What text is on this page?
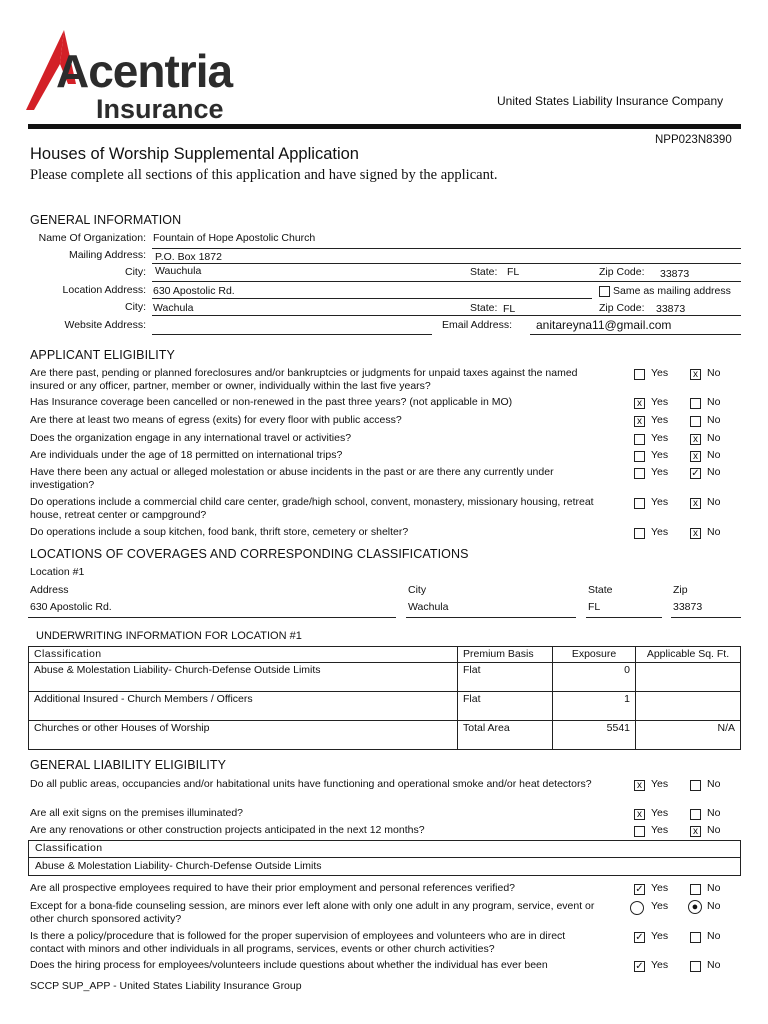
Acentria
Insurance	United States Liability Insurance Company
NPP023N8390
Houses of Worship Supplemental Application
Please complete all sections of this application and have signed by the applicant.
GENERAL INFORMATION
Name Of Organization: Fountain of Hope Apostolic Church
Mailing Address: P.O. Box 1872
City: Wauchula	State: FL	Zip Code: 33873
Location Address: 630 Apostolic Rd.	Same as mailing address
City: Wachula	State: FL	Zip Code: 33873
Website Address:	Email Address: anitareyna11@gmail.com
APPLICANT ELIGIBILITY
Are there past, pending or planned foreclosures and/or bankruptcies or judgments for unpaid taxes against the named insured or any officer, partner, member or owner, individually within the last five years?
Yes	x No
Has Insurance coverage been cancelled or non-renewed in the past three years? (not applicable in MO)	x Yes	No
Are there at least two means of egress (exits) for every floor with public access?	x Yes	No
Does the organization engage in any international travel or activities?	Yes	x No
Are individuals under the age of 18 permitted on international trips?	Yes	x No
Have there been any actual or alleged molestation or abuse incidents in the past or are there any currently under investigation?
Yes ✓ No
Do operations include a commercial child care center, grade/high school, convent, monastery, missionary housing, retreat house, retreat center or campground?
Yes	x No
Do operations include a soup kitchen, food bank, thrift store, cemetery or shelter?	Yes	x No
LOCATIONS OF COVERAGES AND CORRESPONDING CLASSIFICATIONS
Location #1
Address	City	State	Zip
630 Apostolic Rd.	Wachula	FL	33873
UNDERWRITING INFORMATION FOR LOCATION #1
Classification	Premium Basis	Exposure	Applicable Sq. Ft.
Abuse & Molestation Liability- Church-Defense Outside Limits	Flat	0	
Additional Insured - Church Members / Officers	Flat	1	
Churches or other Houses of Worship	Total Area	5541	N/A
GENERAL LIABILITY ELIGIBILITY
Do all public areas, occupancies and/or habitational units have functioning and operational smoke and/or heat detectors?	x Yes	No
Are all exit signs on the premises illuminated?	x Yes	No
Are any renovations or other construction projects anticipated in the next 12 months?	Yes	x No
Classification
Abuse & Molestation Liability- Church-Defense Outside Limits
Are all prospective employees required to have their prior employment and personal references verified?	✓ Yes	No
Except for a bona-fide counseling session, are minors ever left alone with only one adult in any program, service, event or other church sponsored activity?
Yes	● No
Is there a policy/procedure that is followed for the proper supervision of employees and volunteers who are in direct contact with minors and other individuals in all programs, services, events or other church activities?
✓ Yes	No
Does the hiring process for employees/volunteers include questions about whether the individual has ever been	✓ Yes	No
SCCP SUP_APP - United States Liability Insurance Group
